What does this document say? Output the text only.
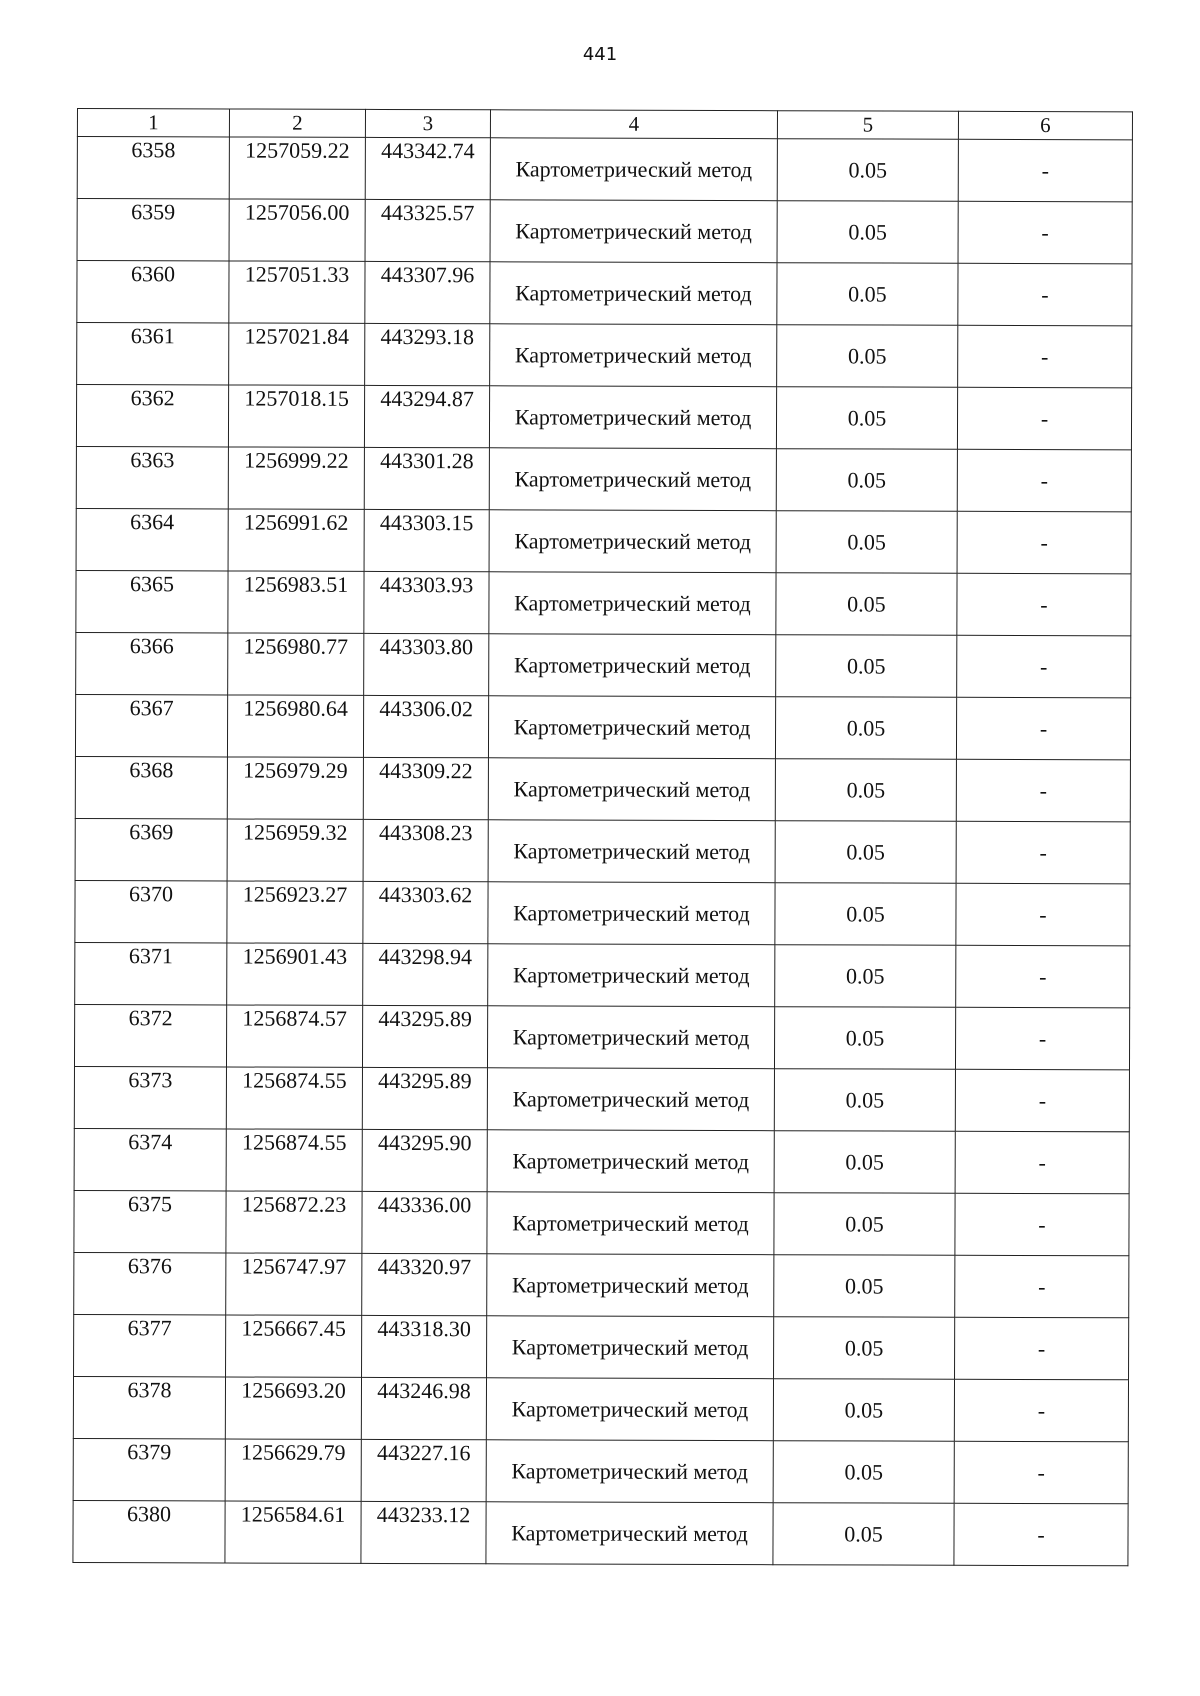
441
1	2	3	4	5	6
6358	1257059.22	443342.74	Картометрический метод	0.05	-
6359	1257056.00	443325.57	Картометрический метод	0.05	-
6360	1257051.33	443307.96	Картометрический метод	0.05	-
6361	1257021.84	443293.18	Картометрический метод	0.05	-
6362	1257018.15	443294.87	Картометрический метод	0.05	-
6363	1256999.22	443301.28	Картометрический метод	0.05	-
6364	1256991.62	443303.15	Картометрический метод	0.05	-
6365	1256983.51	443303.93	Картометрический метод	0.05	-
6366	1256980.77	443303.80	Картометрический метод	0.05	-
6367	1256980.64	443306.02	Картометрический метод	0.05	-
6368	1256979.29	443309.22	Картометрический метод	0.05	-
6369	1256959.32	443308.23	Картометрический метод	0.05	-
6370	1256923.27	443303.62	Картометрический метод	0.05	-
6371	1256901.43	443298.94	Картометрический метод	0.05	-
6372	1256874.57	443295.89	Картометрический метод	0.05	-
6373	1256874.55	443295.89	Картометрический метод	0.05	-
6374	1256874.55	443295.90	Картометрический метод	0.05	-
6375	1256872.23	443336.00	Картометрический метод	0.05	-
6376	1256747.97	443320.97	Картометрический метод	0.05	-
6377	1256667.45	443318.30	Картометрический метод	0.05	-
6378	1256693.20	443246.98	Картометрический метод	0.05	-
6379	1256629.79	443227.16	Картометрический метод	0.05	-
6380	1256584.61	443233.12	Картометрический метод	0.05	-
